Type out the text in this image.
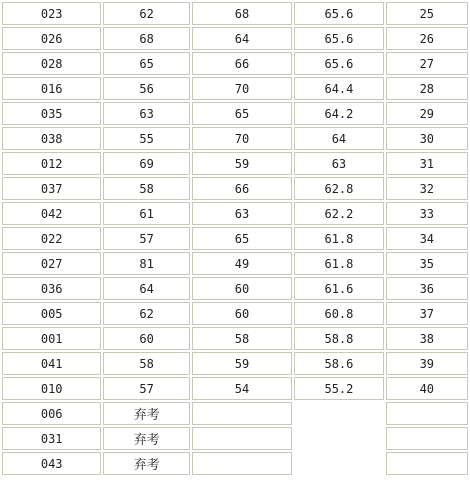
023	62	68	65.6	25
026	68	64	65.6	26
028	65	66	65.6	27
016	56	70	64.4	28
035	63	65	64.2	29
038	55	70	64	30
012	69	59	63	31
037	58	66	62.8	32
042	61	63	62.2	33
022	57	65	61.8	34
027	81	49	61.8	35
036	64	60	61.6	36
005	62	60	60.8	37
001	60	58	58.8	38
041	58	59	58.6	39
010	57	54	55.2	40
006	弃考			
031	弃考			
043	弃考			
